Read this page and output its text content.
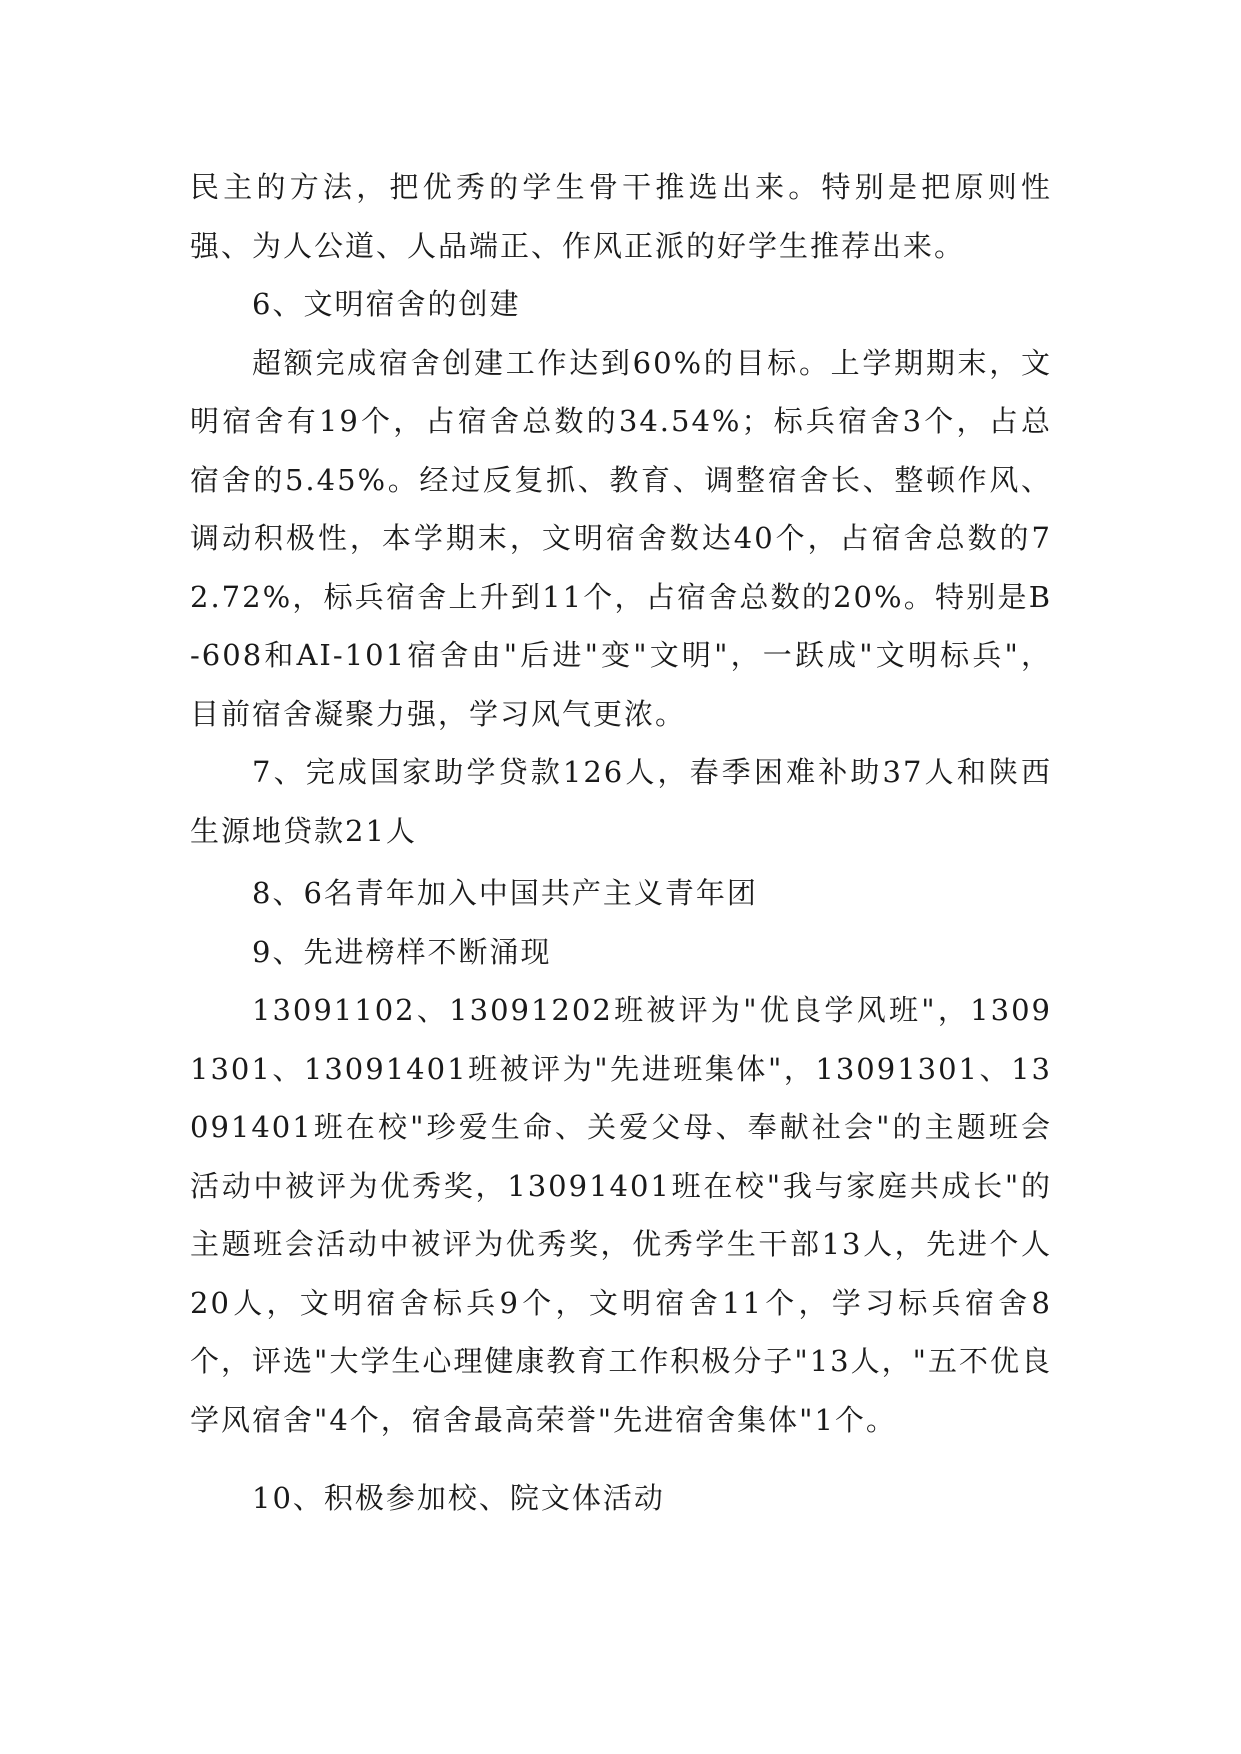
民主的方法，把优秀的学生骨干推选出来。特别是把原则性强、为人公道、人品端正、作风正派的好学生推荐出来。

6、文明宿舍的创建

超额完成宿舍创建工作达到60%的目标。上学期期末，文明宿舍有19个，占宿舍总数的34.54%；标兵宿舍3个，占总宿舍的5.45%。经过反复抓、教育、调整宿舍长、整顿作风、调动积极性，本学期末，文明宿舍数达40个，占宿舍总数的72.72%，标兵宿舍上升到11个，占宿舍总数的20%。特别是B-608和AI-101宿舍由"后进"变"文明"，一跃成"文明标兵"，目前宿舍凝聚力强，学习风气更浓。

7、完成国家助学贷款126人，春季困难补助37人和陕西生源地贷款21人

8、6名青年加入中国共产主义青年团

9、先进榜样不断涌现

13091102、13091202班被评为"优良学风班"，13091301、13091401班被评为"先进班集体"，13091301、13091401班在校"珍爱生命、关爱父母、奉献社会"的主题班会活动中被评为优秀奖，13091401班在校"我与家庭共成长"的主题班会活动中被评为优秀奖，优秀学生干部13人，先进个人20人，文明宿舍标兵9个，文明宿舍11个，学习标兵宿舍8个，评选"大学生心理健康教育工作积极分子"13人，"五不优良学风宿舍"4个，宿舍最高荣誉"先进宿舍集体"1个。

10、积极参加校、院文体活动
